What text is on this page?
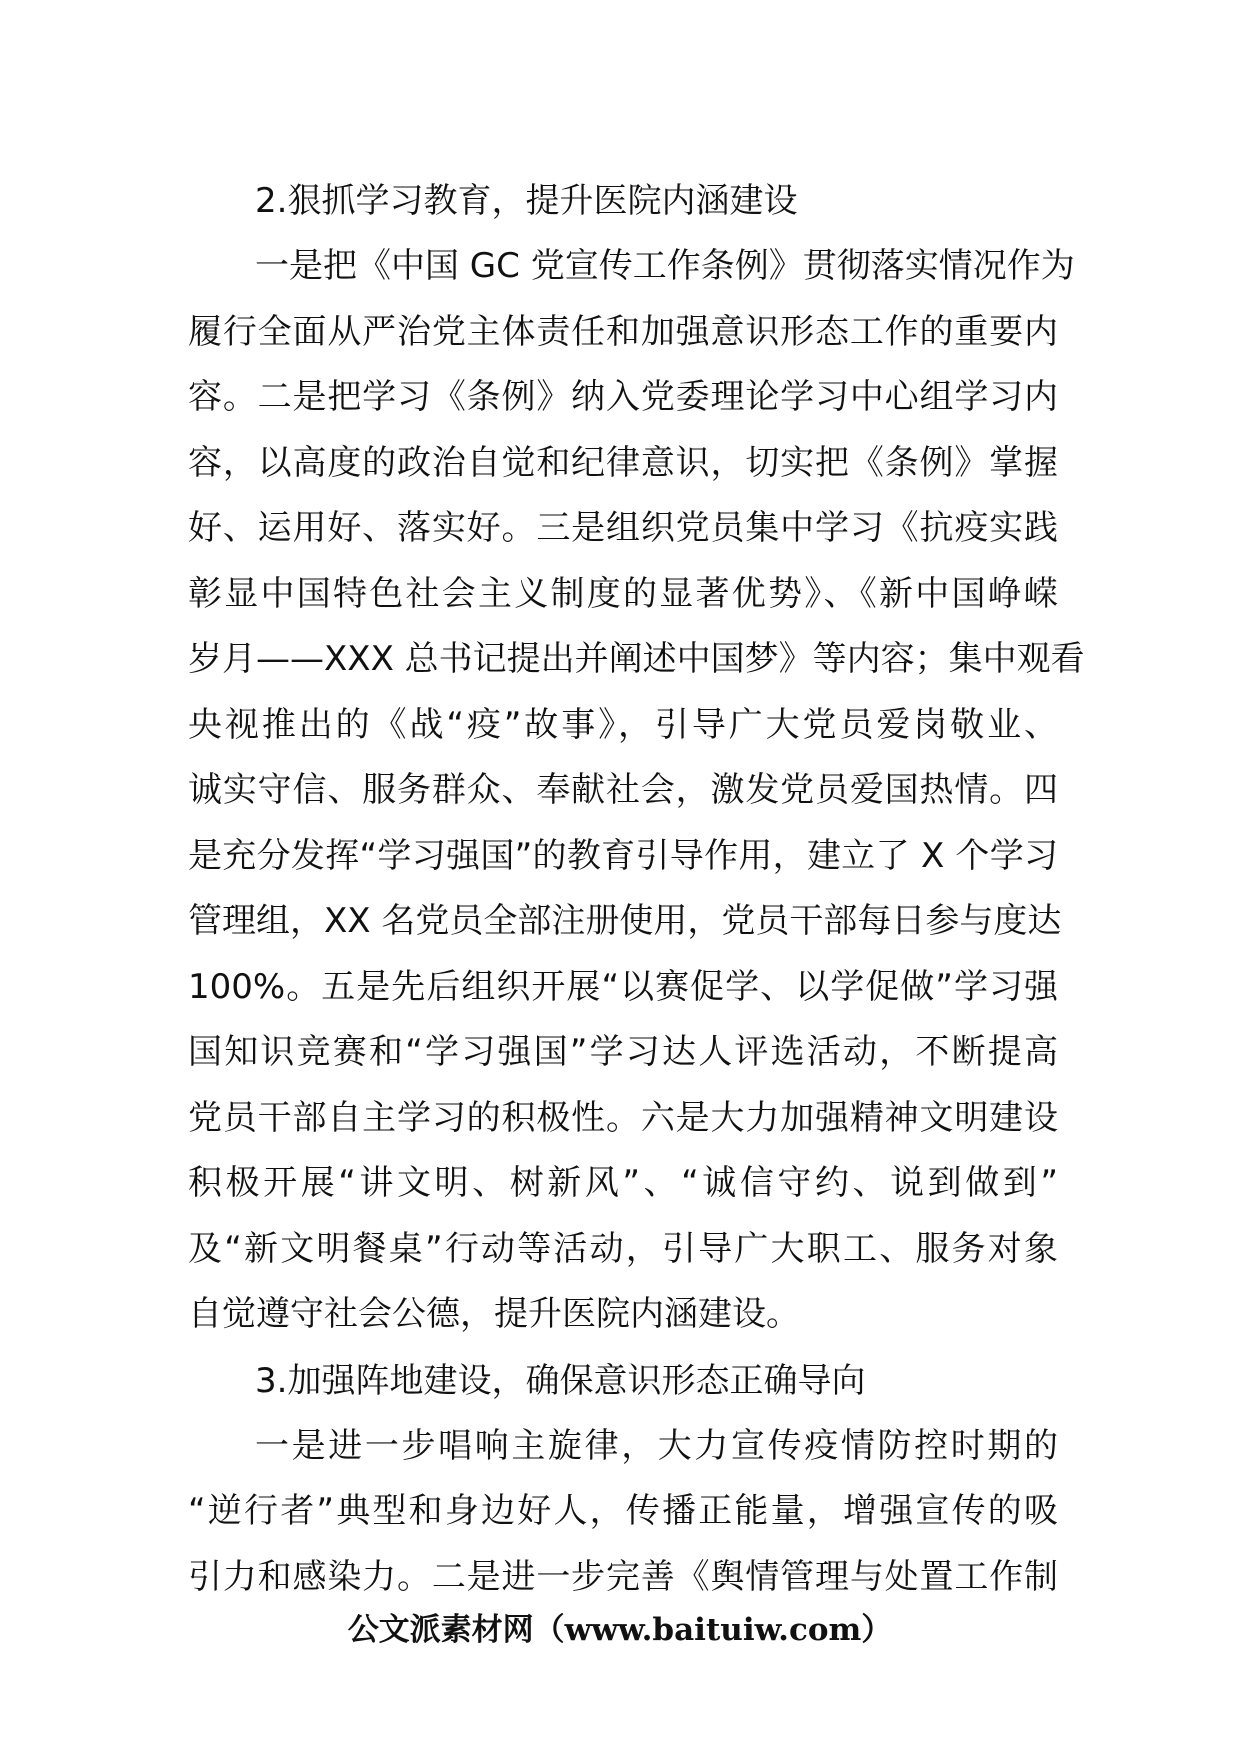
2.狠抓学习教育，提升医院内涵建设

一是把《中国 GC 党宣传工作条例》贯彻落实情况作为
履行全面从严治党主体责任和加强意识形态工作的重要内
容。二是把学习《条例》纳入党委理论学习中心组学习内
容，以高度的政治自觉和纪律意识，切实把《条例》掌握
好、运用好、落实好。三是组织党员集中学习《抗疫实践
彰显中国特色社会主义制度的显著优势》、《新中国峥嵘
岁月——XXX 总书记提出并阐述中国梦》等内容；集中观看
央视推出的《战“疫”故事》，引导广大党员爱岗敬业、
诚实守信、服务群众、奉献社会，激发党员爱国热情。四
是充分发挥“学习强国”的教育引导作用，建立了 X 个学习
管理组，XX 名党员全部注册使用，党员干部每日参与度达
100%。五是先后组织开展“以赛促学、以学促做”学习强
国知识竞赛和“学习强国”学习达人评选活动，不断提高
党员干部自主学习的积极性。六是大力加强精神文明建设
积极开展“讲文明、树新风”、“诚信守约、说到做到”
及“新文明餐桌”行动等活动，引导广大职工、服务对象
自觉遵守社会公德，提升医院内涵建设。

3.加强阵地建设，确保意识形态正确导向

一是进一步唱响主旋律，大力宣传疫情防控时期的
“逆行者”典型和身边好人，传播正能量，增强宣传的吸
引力和感染力。二是进一步完善《舆情管理与处置工作制

公文派素材网（www.baituiw.com）
